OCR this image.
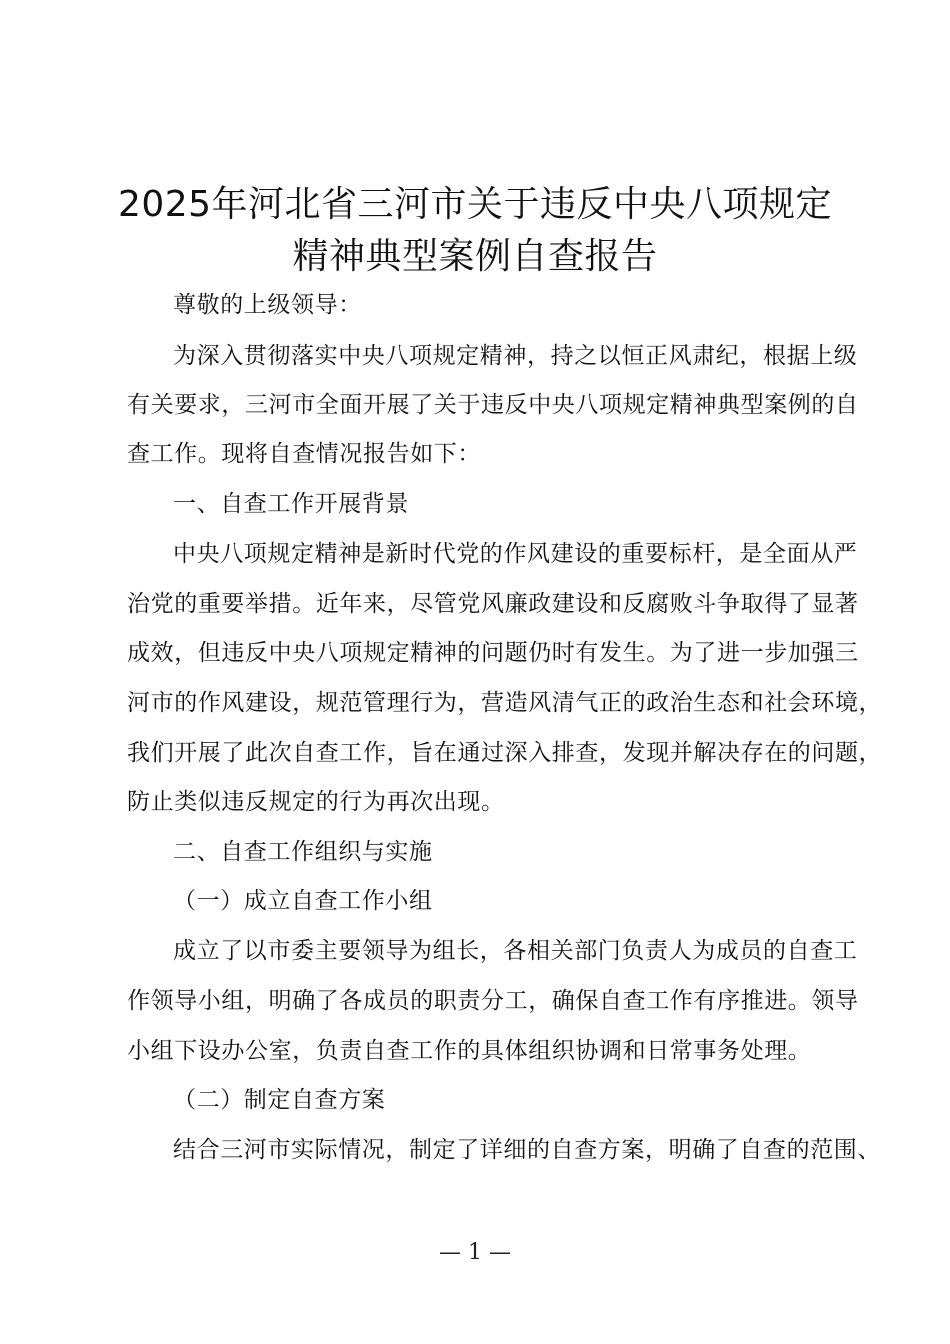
2025年河北省三河市关于违反中央八项规定
精神典型案例自查报告
尊敬的上级领导：
为深入贯彻落实中央八项规定精神，持之以恒正风肃纪，根据上级
有关要求，三河市全面开展了关于违反中央八项规定精神典型案例的自
查工作。现将自查情况报告如下：
一、自查工作开展背景
中央八项规定精神是新时代党的作风建设的重要标杆，是全面从严
治党的重要举措。近年来，尽管党风廉政建设和反腐败斗争取得了显著
成效，但违反中央八项规定精神的问题仍时有发生。为了进一步加强三
河市的作风建设，规范管理行为，营造风清气正的政治生态和社会环境，
我们开展了此次自查工作，旨在通过深入排查，发现并解决存在的问题，
防止类似违反规定的行为再次出现。
二、自查工作组织与实施
（一）成立自查工作小组
成立了以市委主要领导为组长，各相关部门负责人为成员的自查工
作领导小组，明确了各成员的职责分工，确保自查工作有序推进。领导
小组下设办公室，负责自查工作的具体组织协调和日常事务处理。
（二）制定自查方案
结合三河市实际情况，制定了详细的自查方案，明确了自查的范围、
— 1 —
